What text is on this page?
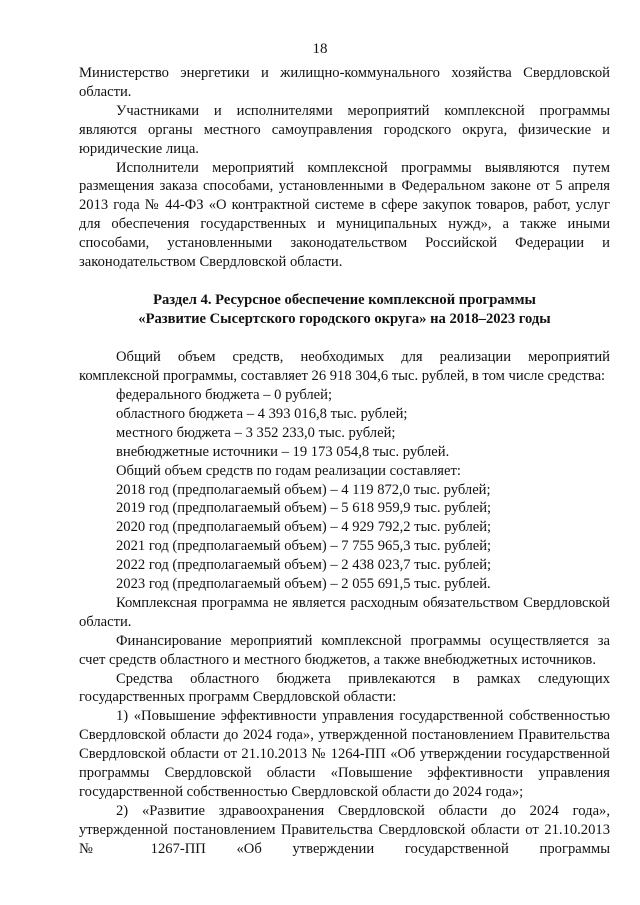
18

Министерство энергетики и жилищно-коммунального хозяйства Свердловской области.

Участниками и исполнителями мероприятий комплексной программы являются органы местного самоуправления городского округа, физические и юридические лица.

Исполнители мероприятий комплексной программы выявляются путем размещения заказа способами, установленными в Федеральном законе от 5 апреля 2013 года № 44-ФЗ «О контрактной системе в сфере закупок товаров, работ, услуг для обеспечения государственных и муниципальных нужд», а также иными способами, установленными законодательством Российской Федерации и законодательством Свердловской области.

Раздел 4. Ресурсное обеспечение комплексной программы
«Развитие Сысертского городского округа» на 2018–2023 годы

Общий объем средств, необходимых для реализации мероприятий комплексной программы, составляет 26 918 304,6 тыс. рублей, в том числе средства:

федерального бюджета – 0 рублей;

областного бюджета – 4 393 016,8 тыс. рублей;

местного бюджета – 3 352 233,0 тыс. рублей;

внебюджетные источники – 19 173 054,8 тыс. рублей.

Общий объем средств по годам реализации составляет:

2018 год (предполагаемый объем) – 4 119 872,0 тыс. рублей;

2019 год (предполагаемый объем) – 5 618 959,9 тыс. рублей;

2020 год (предполагаемый объем) – 4 929 792,2 тыс. рублей;

2021 год (предполагаемый объем) – 7 755 965,3 тыс. рублей;

2022 год (предполагаемый объем) – 2 438 023,7 тыс. рублей;

2023 год (предполагаемый объем) – 2 055 691,5 тыс. рублей.

Комплексная программа не является расходным обязательством Свердловской области.

Финансирование мероприятий комплексной программы осуществляется за счет средств областного и местного бюджетов, а также внебюджетных источников.

Средства областного бюджета привлекаются в рамках следующих государственных программ Свердловской области:

1) «Повышение эффективности управления государственной собственностью Свердловской области до 2024 года», утвержденной постановлением Правительства Свердловской области от 21.10.2013 № 1264-ПП «Об утверждении государственной программы Свердловской области «Повышение эффективности управления государственной собственностью Свердловской области до 2024 года»;

2) «Развитие здравоохранения Свердловской области до 2024 года», утвержденной постановлением Правительства Свердловской области от 21.10.2013 № 1267-ПП «Об утверждении государственной программы
